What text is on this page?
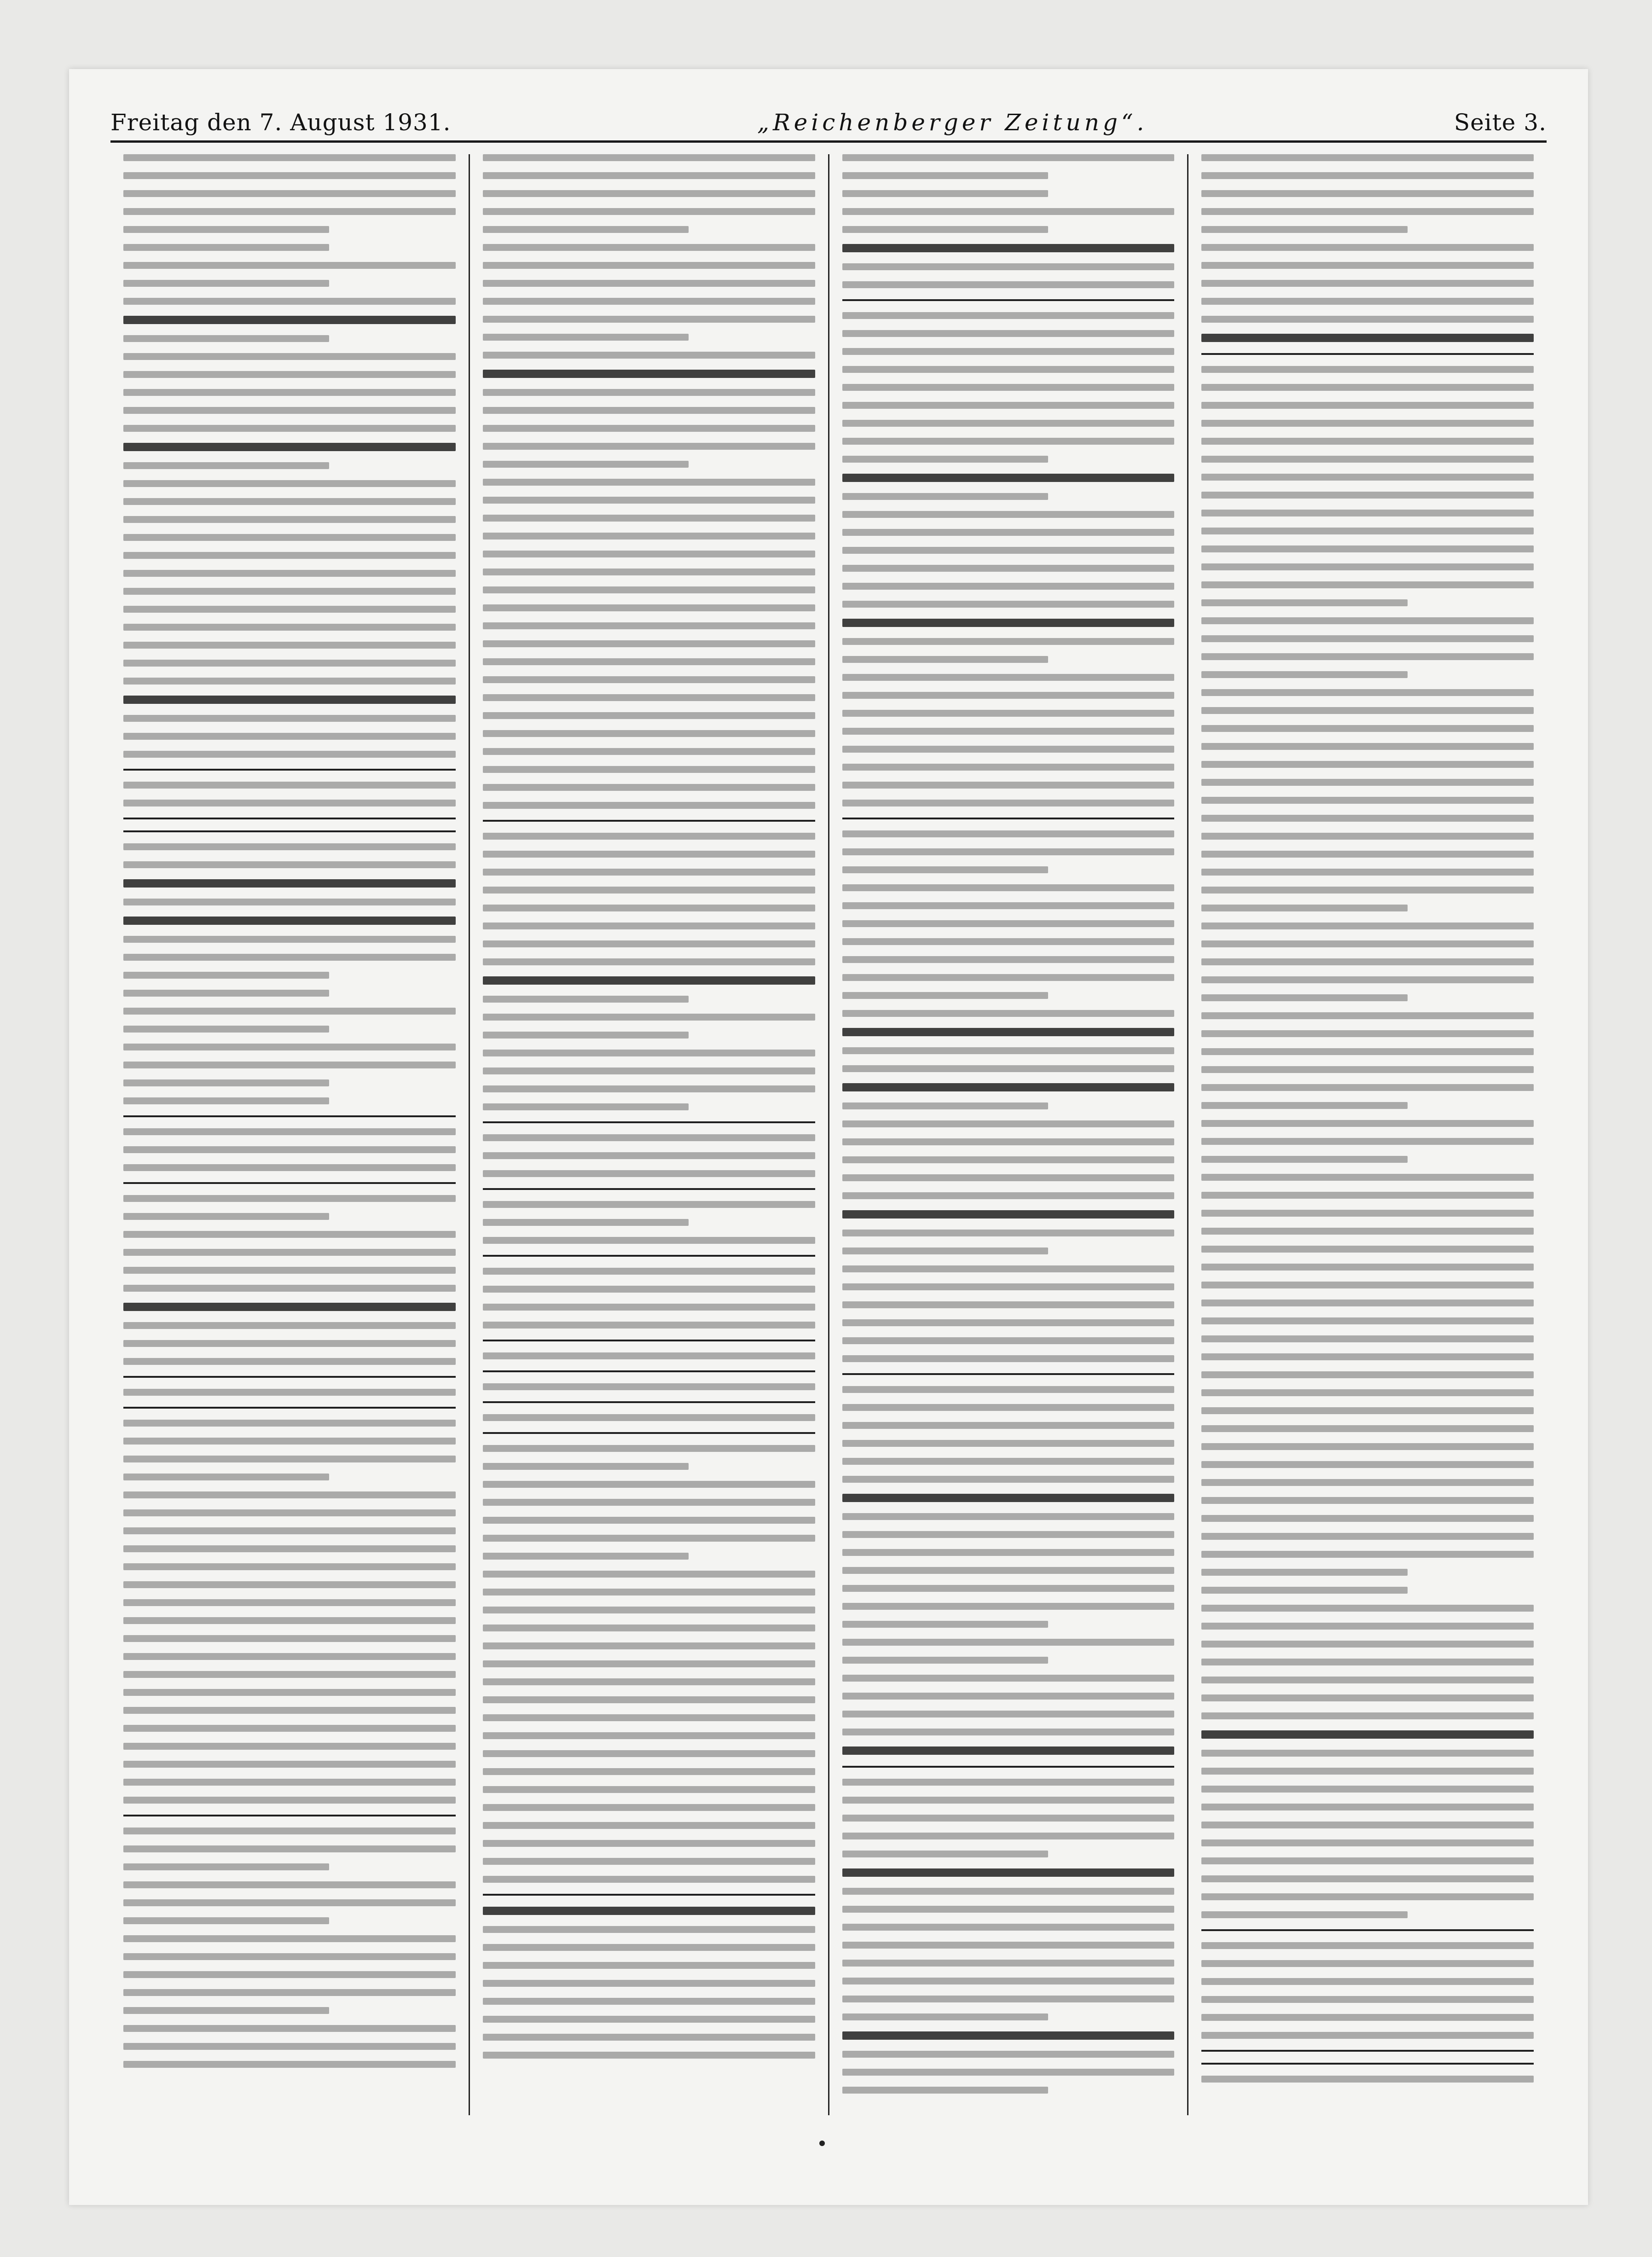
Freitag den 7. August 1931.	„Reichenberger Zeitung“.	Seite 3.
